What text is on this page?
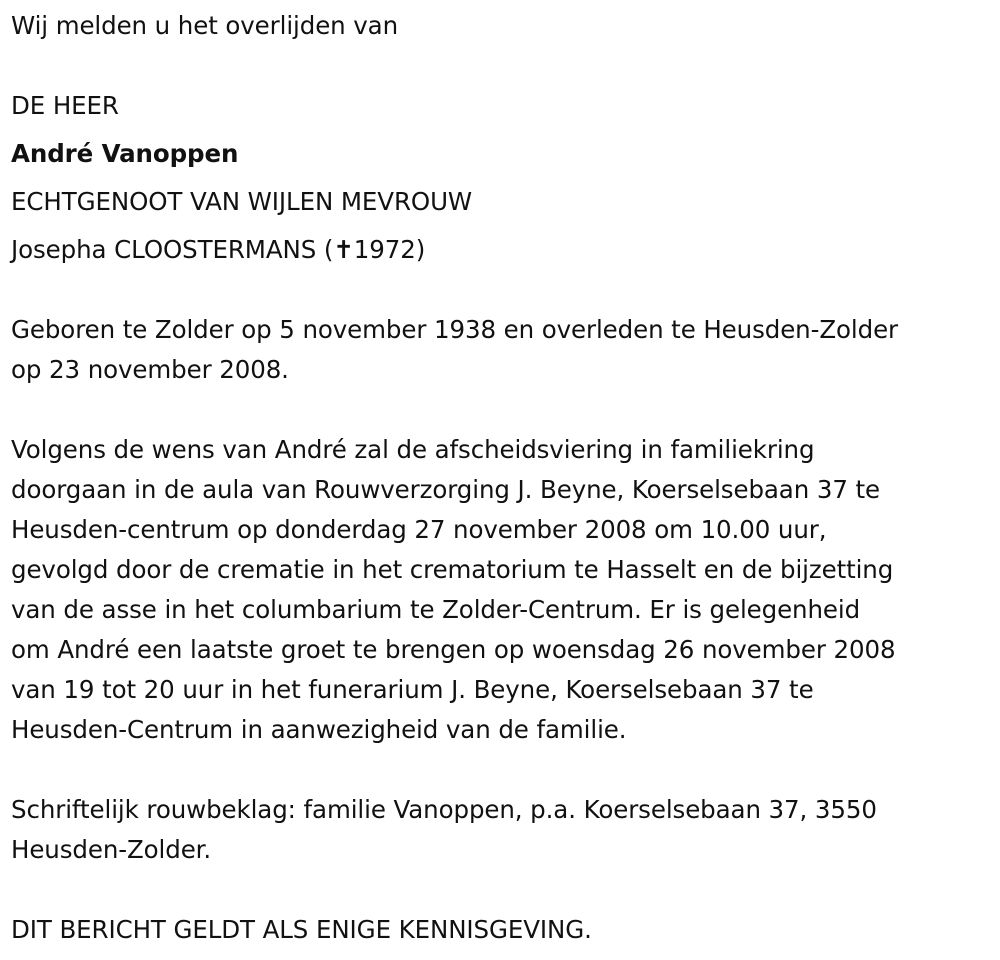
Wij melden u het overlijden van
DE HEER
André Vanoppen
ECHTGENOOT VAN WIJLEN MEVROUW
Josepha CLOOSTERMANS (✝1972)
Geboren te Zolder op 5 november 1938 en overleden te Heusden-Zolder
op 23 november 2008.
Volgens de wens van André zal de afscheidsviering in familiekring
doorgaan in de aula van Rouwverzorging J. Beyne, Koerselsebaan 37 te
Heusden-centrum op donderdag 27 november 2008 om 10.00 uur,
gevolgd door de crematie in het crematorium te Hasselt en de bijzetting
van de asse in het columbarium te Zolder-Centrum. Er is gelegenheid
om André een laatste groet te brengen op woensdag 26 november 2008
van 19 tot 20 uur in het funerarium J. Beyne, Koerselsebaan 37 te
Heusden-Centrum in aanwezigheid van de familie.
Schriftelijk rouwbeklag: familie Vanoppen, p.a. Koerselsebaan 37, 3550
Heusden-Zolder.
DIT BERICHT GELDT ALS ENIGE KENNISGEVING.
